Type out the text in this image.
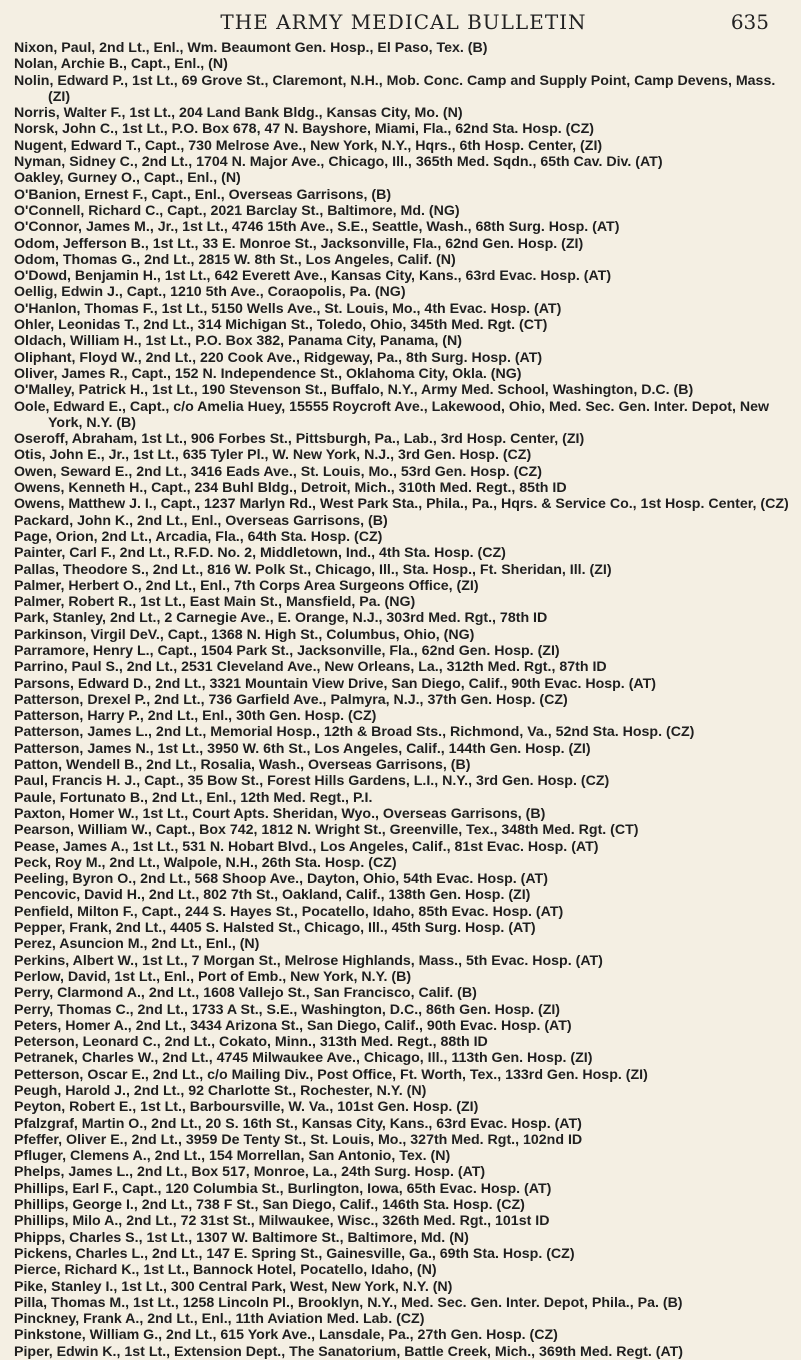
THE ARMY MEDICAL BULLETIN	635
Nixon, Paul, 2nd Lt., Enl., Wm. Beaumont Gen. Hosp., El Paso, Tex. (B)
Nolan, Archie B., Capt., Enl., (N)
Nolin, Edward P., 1st Lt., 69 Grove St., Claremont, N.H., Mob. Conc. Camp and Supply Point, Camp Devens, Mass. (ZI)
Norris, Walter F., 1st Lt., 204 Land Bank Bldg., Kansas City, Mo. (N)
Norsk, John C., 1st Lt., P.O. Box 678, 47 N. Bayshore, Miami, Fla., 62nd Sta. Hosp. (CZ)
Nugent, Edward T., Capt., 730 Melrose Ave., New York, N.Y., Hqrs., 6th Hosp. Center, (ZI)
Nyman, Sidney C., 2nd Lt., 1704 N. Major Ave., Chicago, Ill., 365th Med. Sqdn., 65th Cav. Div. (AT)
Oakley, Gurney O., Capt., Enl., (N)
O'Banion, Ernest F., Capt., Enl., Overseas Garrisons, (B)
O'Connell, Richard C., Capt., 2021 Barclay St., Baltimore, Md. (NG)
O'Connor, James M., Jr., 1st Lt., 4746 15th Ave., S.E., Seattle, Wash., 68th Surg. Hosp. (AT)
Odom, Jefferson B., 1st Lt., 33 E. Monroe St., Jacksonville, Fla., 62nd Gen. Hosp. (ZI)
Odom, Thomas G., 2nd Lt., 2815 W. 8th St., Los Angeles, Calif. (N)
O'Dowd, Benjamin H., 1st Lt., 642 Everett Ave., Kansas City, Kans., 63rd Evac. Hosp. (AT)
Oellig, Edwin J., Capt., 1210 5th Ave., Coraopolis, Pa. (NG)
O'Hanlon, Thomas F., 1st Lt., 5150 Wells Ave., St. Louis, Mo., 4th Evac. Hosp. (AT)
Ohler, Leonidas T., 2nd Lt., 314 Michigan St., Toledo, Ohio, 345th Med. Rgt. (CT)
Oldach, William H., 1st Lt., P.O. Box 382, Panama City, Panama, (N)
Oliphant, Floyd W., 2nd Lt., 220 Cook Ave., Ridgeway, Pa., 8th Surg. Hosp. (AT)
Oliver, James R., Capt., 152 N. Independence St., Oklahoma City, Okla. (NG)
O'Malley, Patrick H., 1st Lt., 190 Stevenson St., Buffalo, N.Y., Army Med. School, Washington, D.C. (B)
Oole, Edward E., Capt., c/o Amelia Huey, 15555 Roycroft Ave., Lakewood, Ohio, Med. Sec. Gen. Inter. Depot, New York, N.Y. (B)
Oseroff, Abraham, 1st Lt., 906 Forbes St., Pittsburgh, Pa., Lab., 3rd Hosp. Center, (ZI)
Otis, John E., Jr., 1st Lt., 635 Tyler Pl., W. New York, N.J., 3rd Gen. Hosp. (CZ)
Owen, Seward E., 2nd Lt., 3416 Eads Ave., St. Louis, Mo., 53rd Gen. Hosp. (CZ)
Owens, Kenneth H., Capt., 234 Buhl Bldg., Detroit, Mich., 310th Med. Regt., 85th ID
Owens, Matthew J. I., Capt., 1237 Marlyn Rd., West Park Sta., Phila., Pa., Hqrs. & Service Co., 1st Hosp. Center, (CZ)
Packard, John K., 2nd Lt., Enl., Overseas Garrisons, (B)
Page, Orion, 2nd Lt., Arcadia, Fla., 64th Sta. Hosp. (CZ)
Painter, Carl F., 2nd Lt., R.F.D. No. 2, Middletown, Ind., 4th Sta. Hosp. (CZ)
Pallas, Theodore S., 2nd Lt., 816 W. Polk St., Chicago, Ill., Sta. Hosp., Ft. Sheridan, Ill. (ZI)
Palmer, Herbert O., 2nd Lt., Enl., 7th Corps Area Surgeons Office, (ZI)
Palmer, Robert R., 1st Lt., East Main St., Mansfield, Pa. (NG)
Park, Stanley, 2nd Lt., 2 Carnegie Ave., E. Orange, N.J., 303rd Med. Rgt., 78th ID
Parkinson, Virgil DeV., Capt., 1368 N. High St., Columbus, Ohio, (NG)
Parramore, Henry L., Capt., 1504 Park St., Jacksonville, Fla., 62nd Gen. Hosp. (ZI)
Parrino, Paul S., 2nd Lt., 2531 Cleveland Ave., New Orleans, La., 312th Med. Rgt., 87th ID
Parsons, Edward D., 2nd Lt., 3321 Mountain View Drive, San Diego, Calif., 90th Evac. Hosp. (AT)
Patterson, Drexel P., 2nd Lt., 736 Garfield Ave., Palmyra, N.J., 37th Gen. Hosp. (CZ)
Patterson, Harry P., 2nd Lt., Enl., 30th Gen. Hosp. (CZ)
Patterson, James L., 2nd Lt., Memorial Hosp., 12th & Broad Sts., Richmond, Va., 52nd Sta. Hosp. (CZ)
Patterson, James N., 1st Lt., 3950 W. 6th St., Los Angeles, Calif., 144th Gen. Hosp. (ZI)
Patton, Wendell B., 2nd Lt., Rosalia, Wash., Overseas Garrisons, (B)
Paul, Francis H. J., Capt., 35 Bow St., Forest Hills Gardens, L.I., N.Y., 3rd Gen. Hosp. (CZ)
Paule, Fortunato B., 2nd Lt., Enl., 12th Med. Regt., P.I.
Paxton, Homer W., 1st Lt., Court Apts. Sheridan, Wyo., Overseas Garrisons, (B)
Pearson, William W., Capt., Box 742, 1812 N. Wright St., Greenville, Tex., 348th Med. Rgt. (CT)
Pease, James A., 1st Lt., 531 N. Hobart Blvd., Los Angeles, Calif., 81st Evac. Hosp. (AT)
Peck, Roy M., 2nd Lt., Walpole, N.H., 26th Sta. Hosp. (CZ)
Peeling, Byron O., 2nd Lt., 568 Shoop Ave., Dayton, Ohio, 54th Evac. Hosp. (AT)
Pencovic, David H., 2nd Lt., 802 7th St., Oakland, Calif., 138th Gen. Hosp. (ZI)
Penfield, Milton F., Capt., 244 S. Hayes St., Pocatello, Idaho, 85th Evac. Hosp. (AT)
Pepper, Frank, 2nd Lt., 4405 S. Halsted St., Chicago, Ill., 45th Surg. Hosp. (AT)
Perez, Asuncion M., 2nd Lt., Enl., (N)
Perkins, Albert W., 1st Lt., 7 Morgan St., Melrose Highlands, Mass., 5th Evac. Hosp. (AT)
Perlow, David, 1st Lt., Enl., Port of Emb., New York, N.Y. (B)
Perry, Clarmond A., 2nd Lt., 1608 Vallejo St., San Francisco, Calif. (B)
Perry, Thomas C., 2nd Lt., 1733 A St., S.E., Washington, D.C., 86th Gen. Hosp. (ZI)
Peters, Homer A., 2nd Lt., 3434 Arizona St., San Diego, Calif., 90th Evac. Hosp. (AT)
Peterson, Leonard C., 2nd Lt., Cokato, Minn., 313th Med. Regt., 88th ID
Petranek, Charles W., 2nd Lt., 4745 Milwaukee Ave., Chicago, Ill., 113th Gen. Hosp. (ZI)
Petterson, Oscar E., 2nd Lt., c/o Mailing Div., Post Office, Ft. Worth, Tex., 133rd Gen. Hosp. (ZI)
Peugh, Harold J., 2nd Lt., 92 Charlotte St., Rochester, N.Y. (N)
Peyton, Robert E., 1st Lt., Barboursville, W. Va., 101st Gen. Hosp. (ZI)
Pfalzgraf, Martin O., 2nd Lt., 20 S. 16th St., Kansas City, Kans., 63rd Evac. Hosp. (AT)
Pfeffer, Oliver E., 2nd Lt., 3959 De Tenty St., St. Louis, Mo., 327th Med. Rgt., 102nd ID
Pfluger, Clemens A., 2nd Lt., 154 Morrellan, San Antonio, Tex. (N)
Phelps, James L., 2nd Lt., Box 517, Monroe, La., 24th Surg. Hosp. (AT)
Phillips, Earl F., Capt., 120 Columbia St., Burlington, Iowa, 65th Evac. Hosp. (AT)
Phillips, George I., 2nd Lt., 738 F St., San Diego, Calif., 146th Sta. Hosp. (CZ)
Phillips, Milo A., 2nd Lt., 72 31st St., Milwaukee, Wisc., 326th Med. Rgt., 101st ID
Phipps, Charles S., 1st Lt., 1307 W. Baltimore St., Baltimore, Md. (N)
Pickens, Charles L., 2nd Lt., 147 E. Spring St., Gainesville, Ga., 69th Sta. Hosp. (CZ)
Pierce, Richard K., 1st Lt., Bannock Hotel, Pocatello, Idaho, (N)
Pike, Stanley I., 1st Lt., 300 Central Park, West, New York, N.Y. (N)
Pilla, Thomas M., 1st Lt., 1258 Lincoln Pl., Brooklyn, N.Y., Med. Sec. Gen. Inter. Depot, Phila., Pa. (B)
Pinckney, Frank A., 2nd Lt., Enl., 11th Aviation Med. Lab. (CZ)
Pinkstone, William G., 2nd Lt., 615 York Ave., Lansdale, Pa., 27th Gen. Hosp. (CZ)
Piper, Edwin K., 1st Lt., Extension Dept., The Sanatorium, Battle Creek, Mich., 369th Med. Regt. (AT)
